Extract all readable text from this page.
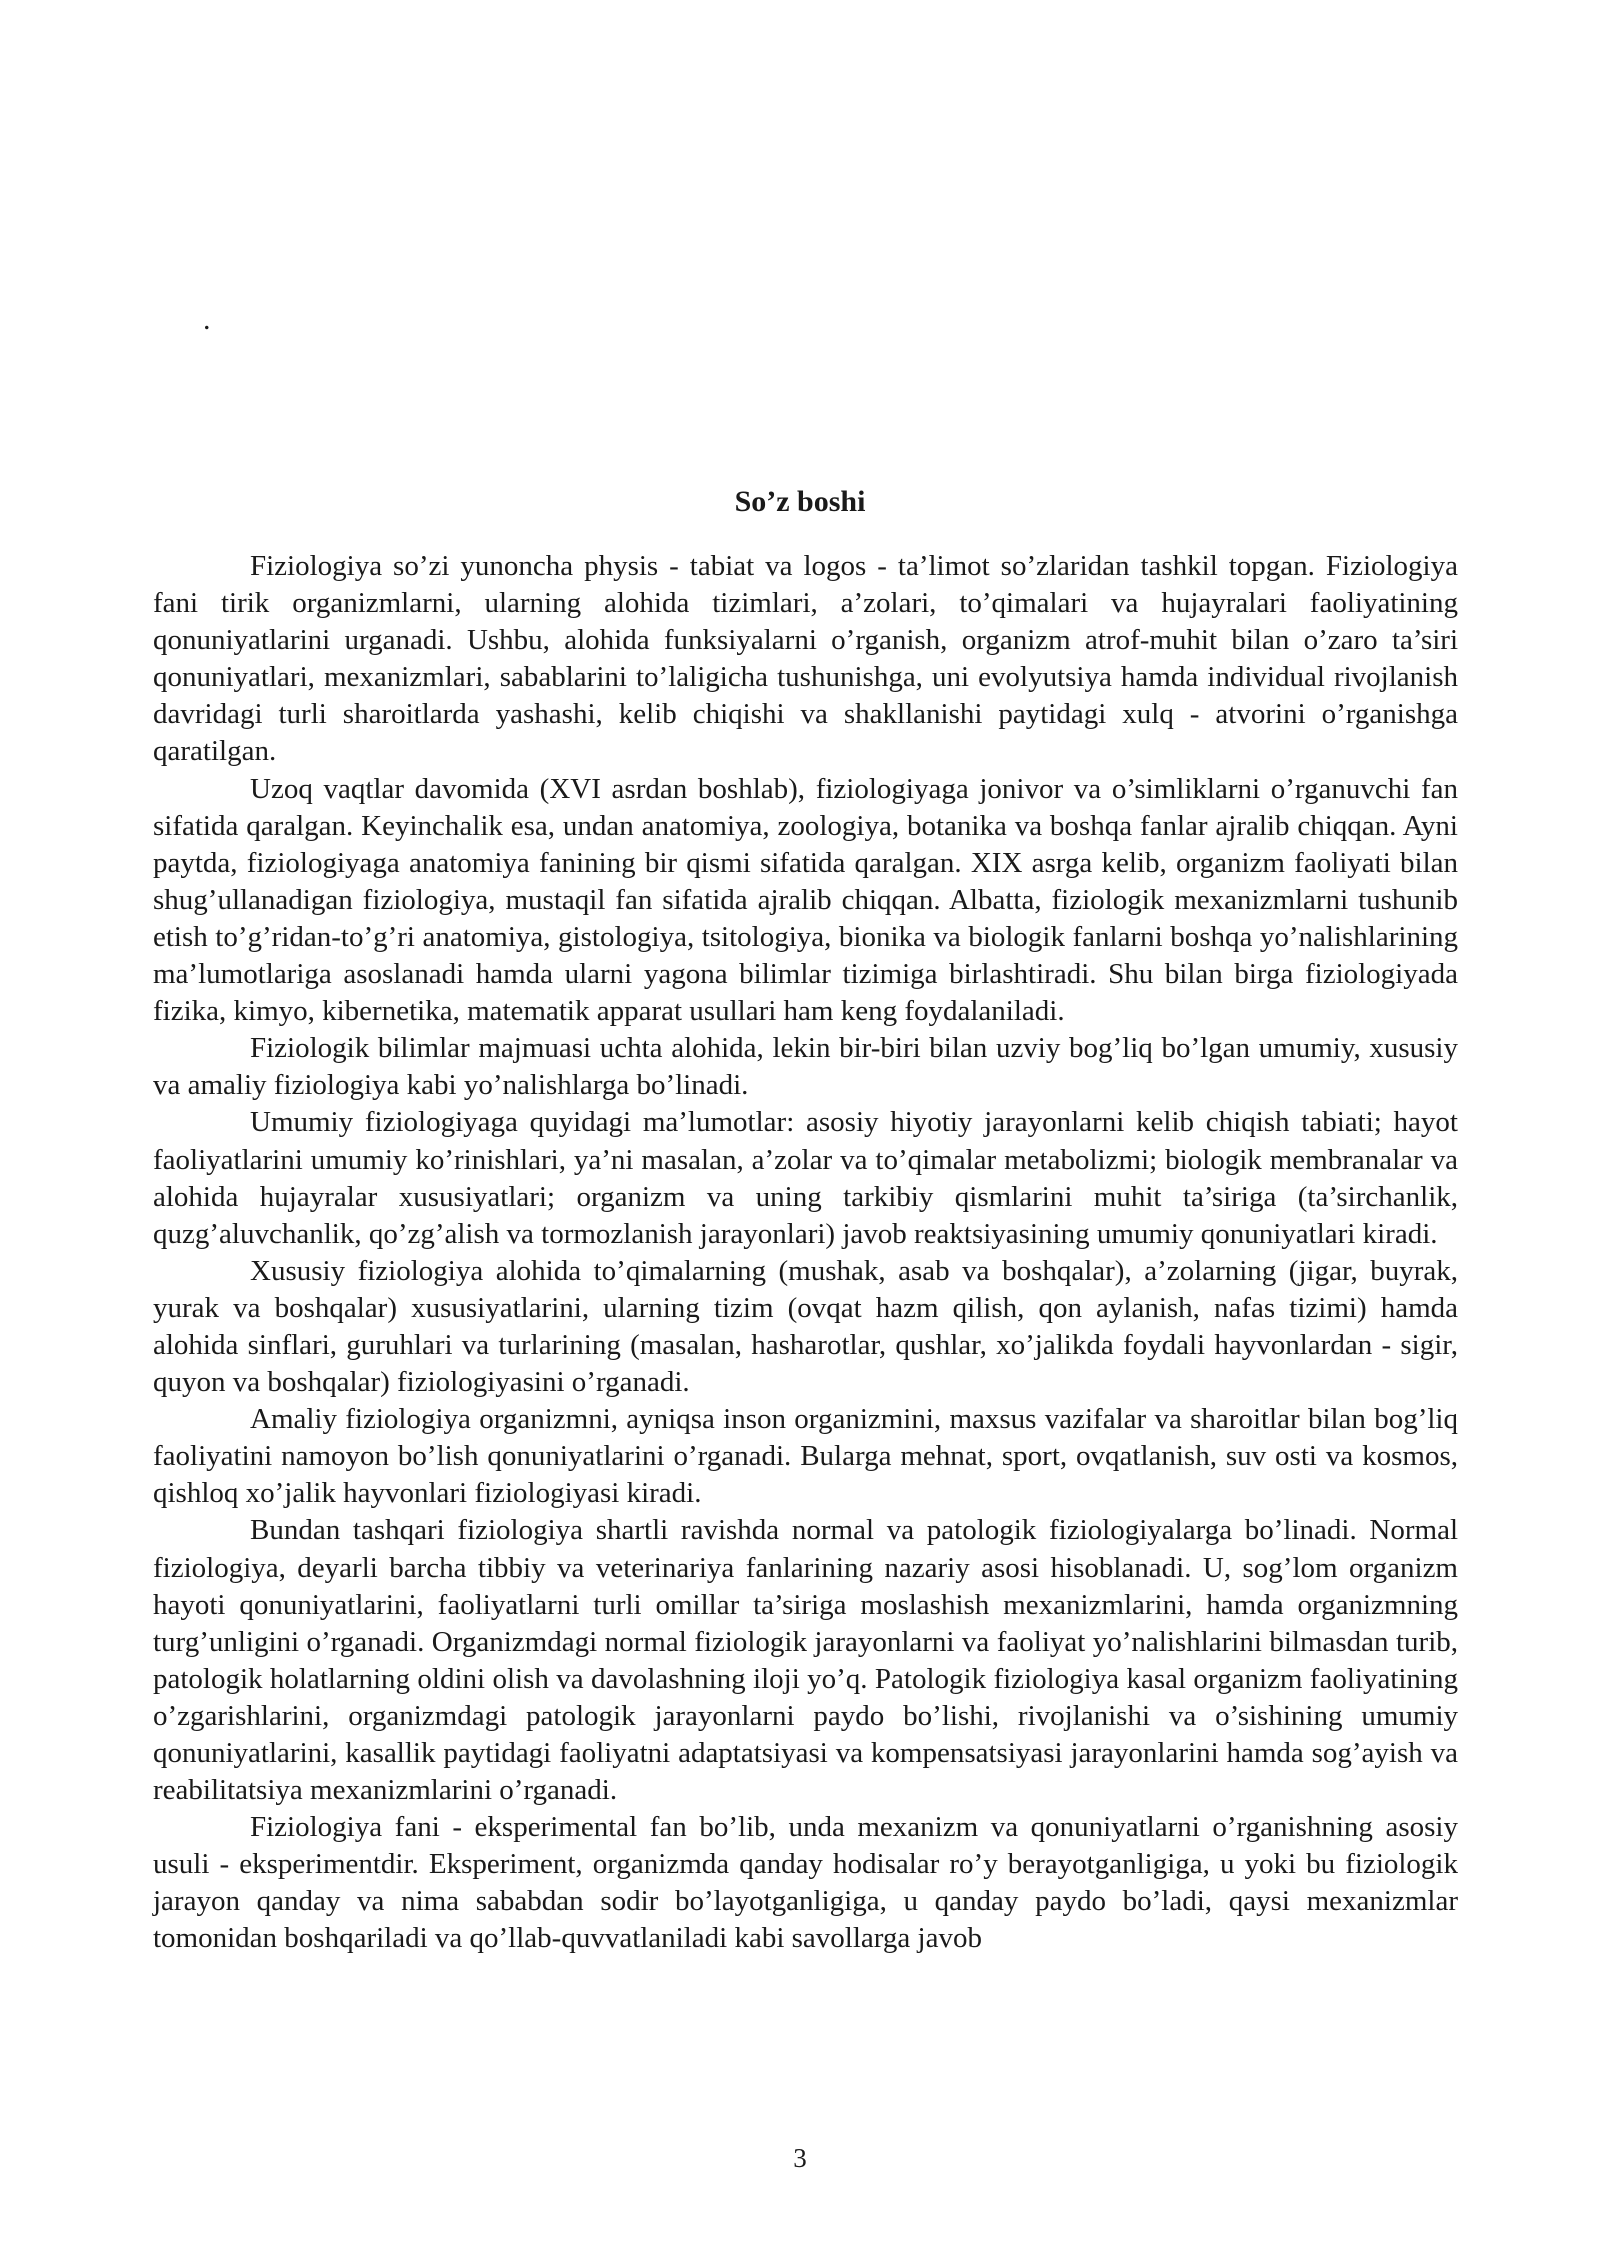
.
So’z boshi

Fiziologiya so’zi yunoncha physis - tabiat va logos - ta’limot so’zlaridan tashkil topgan. Fiziologiya fani tirik organizmlarni, ularning alohida tizimlari, a’zolari, to’qimalari va hujayralari faoliyatining qonuniyatlarini urganadi. Ushbu, alohida funksiyalarni o’rganish, organizm atrof-muhit bilan o’zaro ta’siri qonuniyatlari, mexanizmlari, sabablarini to’laligicha tushunishga, uni evolyutsiya hamda individual rivojlanish davridagi turli sharoitlarda yashashi, kelib chiqishi va shakllanishi paytidagi xulq - atvorini o’rganishga qaratilgan.

Uzoq vaqtlar davomida (XVI asrdan boshlab), fiziologiyaga jonivor va o’simliklarni o’rganuvchi fan sifatida qaralgan. Keyinchalik esa, undan anatomiya, zoologiya, botanika va boshqa fanlar ajralib chiqqan. Ayni paytda, fiziologiyaga anatomiya fanining bir qismi sifatida qaralgan. XIX asrga kelib, organizm faoliyati bilan shug’ullanadigan fiziologiya, mustaqil fan sifatida ajralib chiqqan. Albatta, fiziologik mexanizmlarni tushunib etish to’g’ridan-to’g’ri anatomiya, gistologiya, tsitologiya, bionika va biologik fanlarni boshqa yo’nalishlarining ma’lumotlariga asoslanadi hamda ularni yagona bilimlar tizimiga birlashtiradi. Shu bilan birga fiziologiyada fizika, kimyo, kibernetika, matematik apparat usullari ham keng foydalaniladi.

Fiziologik bilimlar majmuasi uchta alohida, lekin bir-biri bilan uzviy bog’liq bo’lgan umumiy, xususiy va amaliy fiziologiya kabi yo’nalishlarga bo’linadi.

Umumiy fiziologiyaga quyidagi ma’lumotlar: asosiy hiyotiy jarayonlarni kelib chiqish tabiati; hayot faoliyatlarini umumiy ko’rinishlari, ya’ni masalan, a’zolar va to’qimalar metabolizmi; biologik membranalar va alohida hujayralar xususiyatlari; organizm va uning tarkibiy qismlarini muhit ta’siriga (ta’sirchanlik, quzg’aluvchanlik, qo’zg’alish va tormozlanish jarayonlari) javob reaktsiyasining umumiy qonuniyatlari kiradi.

Xususiy fiziologiya alohida to’qimalarning (mushak, asab va boshqalar), a’zolarning (jigar, buyrak, yurak va boshqalar) xususiyatlarini, ularning tizim (ovqat hazm qilish, qon aylanish, nafas tizimi) hamda alohida sinflari, guruhlari va turlarining (masalan, hasharotlar, qushlar, xo’jalikda foydali hayvonlardan - sigir, quyon va boshqalar) fiziologiyasini o’rganadi.

Amaliy fiziologiya organizmni, ayniqsa inson organizmini, maxsus vazifalar va sharoitlar bilan bog’liq faoliyatini namoyon bo’lish qonuniyatlarini o’rganadi. Bularga mehnat, sport, ovqatlanish, suv osti va kosmos, qishloq xo’jalik hayvonlari fiziologiyasi kiradi.

Bundan tashqari fiziologiya shartli ravishda normal va patologik fiziologiyalarga bo’linadi. Normal fiziologiya, deyarli barcha tibbiy va veterinariya fanlarining nazariy asosi hisoblanadi. U, sog’lom organizm hayoti qonuniyatlarini, faoliyatlarni turli omillar ta’siriga moslashish mexanizmlarini, hamda organizmning turg’unligini o’rganadi. Organizmdagi normal fiziologik jarayonlarni va faoliyat yo’nalishlarini bilmasdan turib, patologik holatlarning oldini olish va davolashning iloji yo’q. Patologik fiziologiya kasal organizm faoliyatining o’zgarishlarini, organizmdagi patologik jarayonlarni paydo bo’lishi, rivojlanishi va o’sishining umumiy qonuniyatlarini, kasallik paytidagi faoliyatni adaptatsiyasi va kompensatsiyasi jarayonlarini hamda sog’ayish va reabilitatsiya mexanizmlarini o’rganadi.

Fiziologiya fani - eksperimental fan bo’lib, unda mexanizm va qonuniyatlarni o’rganishning asosiy usuli - eksperimentdir. Eksperiment, organizmda qanday hodisalar ro’y berayotganligiga, u yoki bu fiziologik jarayon qanday va nima sababdan sodir bo’layotganligiga, u qanday paydo bo’ladi, qaysi mexanizmlar tomonidan boshqariladi va qo’llab-quvvatlaniladi kabi savollarga javob

3
